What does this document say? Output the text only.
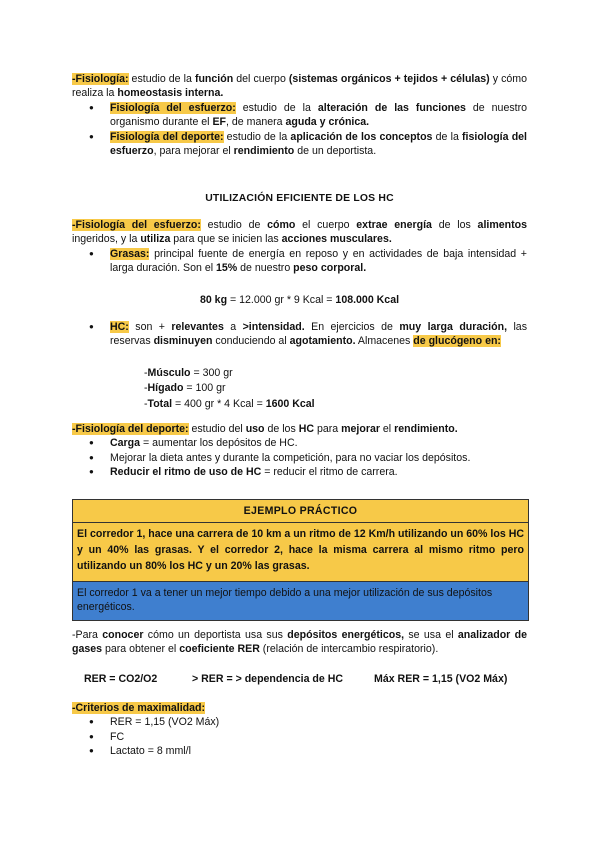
-Fisiología: estudio de la función del cuerpo (sistemas orgánicos + tejidos + células) y cómo realiza la homeostasis interna.
● Fisiología del esfuerzo: estudio de la alteración de las funciones de nuestro organismo durante el EF, de manera aguda y crónica.
● Fisiología del deporte: estudio de la aplicación de los conceptos de la fisiología del esfuerzo, para mejorar el rendimiento de un deportista.
UTILIZACIÓN EFICIENTE DE LOS HC
-Fisiología del esfuerzo: estudio de cómo el cuerpo extrae energía de los alimentos ingeridos, y la utiliza para que se inicien las acciones musculares.
● Grasas: principal fuente de energía en reposo y en actividades de baja intensidad + larga duración. Son el 15% de nuestro peso corporal.
80 kg = 12.000 gr * 9 Kcal = 108.000 Kcal
● HC: son + relevantes a >intensidad. En ejercicios de muy larga duración, las reservas disminuyen conduciendo al agotamiento. Almacenes de glucógeno en:
-Músculo = 300 gr
-Hígado = 100 gr
-Total = 400 gr * 4 Kcal = 1600 Kcal
-Fisiología del deporte: estudio del uso de los HC para mejorar el rendimiento.
● Carga = aumentar los depósitos de HC.
● Mejorar la dieta antes y durante la competición, para no vaciar los depósitos.
● Reducir el ritmo de uso de HC = reducir el ritmo de carrera.
EJEMPLO PRÁCTICO
El corredor 1, hace una carrera de 10 km a un ritmo de 12 Km/h utilizando un 60% los HC y un 40% las grasas. Y el corredor 2, hace la misma carrera al mismo ritmo pero utilizando un 80% los HC y un 20% las grasas.
El corredor 1 va a tener un mejor tiempo debido a una mejor utilización de sus depósitos energéticos.
-Para conocer cómo un deportista usa sus depósitos energéticos, se usa el analizador de gases para obtener el coeficiente RER (relación de intercambio respiratorio).
RER = CO2/O2	> RER = > dependencia de HC	Máx RER = 1,15 (VO2 Máx)
-Criterios de maximalidad:
● RER = 1,15 (VO2 Máx)
● FC
● Lactato = 8 mml/l
